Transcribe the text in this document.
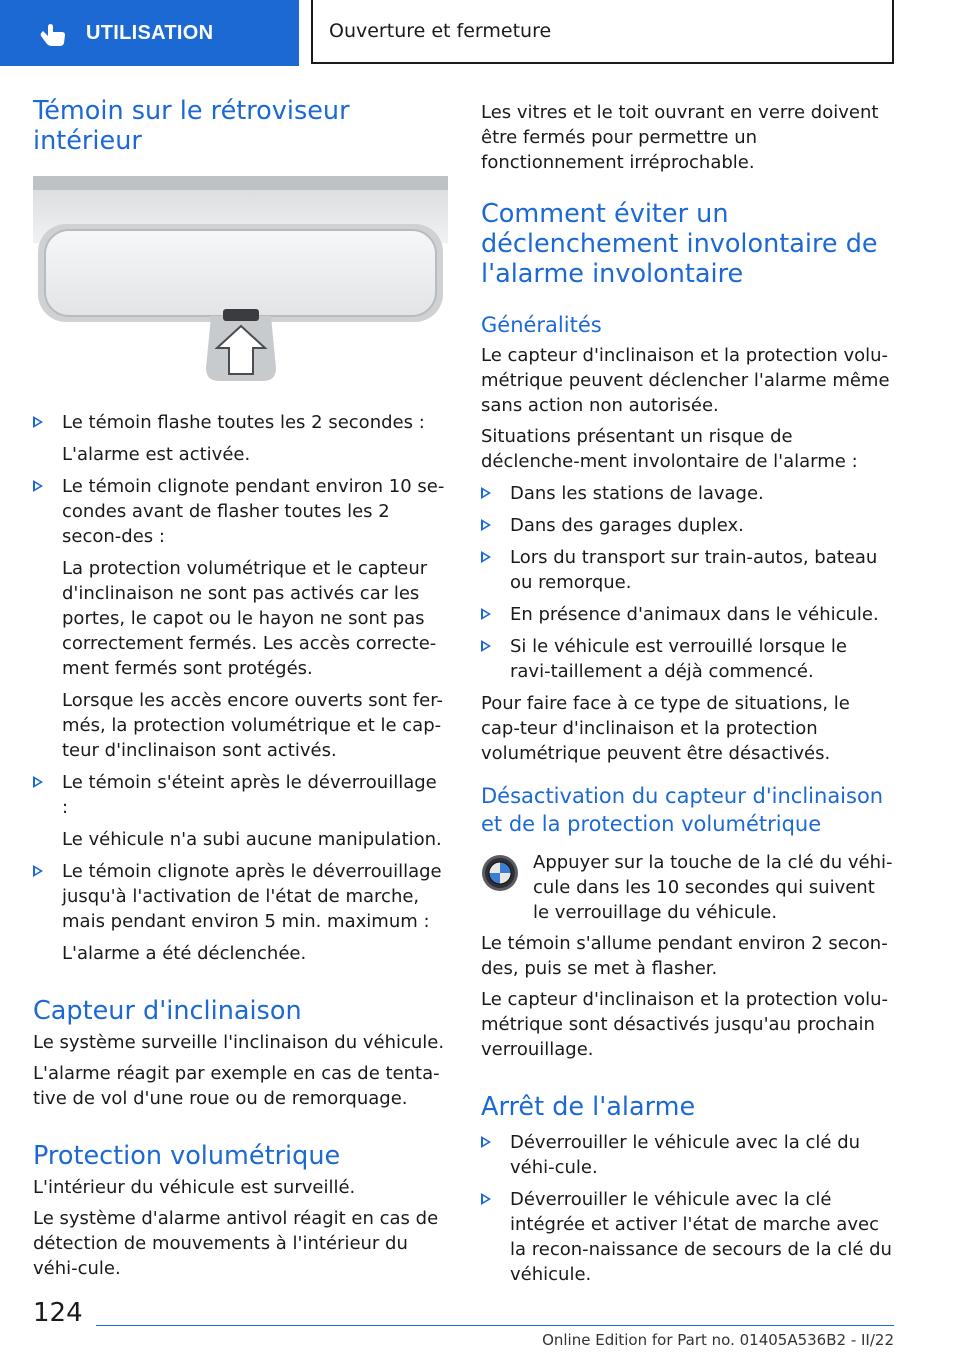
UTILISATION	Ouverture et fermeture
Témoin sur le rétroviseur intérieur

Le témoin flashe toutes les 2 secondes :

L'alarme est activée.

Le témoin clignote pendant environ 10 se-condes avant de flasher toutes les 2 secon-des :

La protection volumétrique et le capteur d'inclinaison ne sont pas activés car les portes, le capot ou le hayon ne sont pas correctement fermés. Les accès correcte-ment fermés sont protégés.

Lorsque les accès encore ouverts sont fer-més, la protection volumétrique et le cap-teur d'inclinaison sont activés.

Le témoin s'éteint après le déverrouillage :

Le véhicule n'a subi aucune manipulation.

Le témoin clignote après le déverrouillage jusqu'à l'activation de l'état de marche, mais pendant environ 5 min. maximum :

L'alarme a été déclenchée.

Capteur d'inclinaison

Le système surveille l'inclinaison du véhicule.

L'alarme réagit par exemple en cas de tenta-tive de vol d'une roue ou de remorquage.

Protection volumétrique

L'intérieur du véhicule est surveillé.

Le système d'alarme antivol réagit en cas de détection de mouvements à l'intérieur du véhi-cule.

Les vitres et le toit ouvrant en verre doivent être fermés pour permettre un fonctionnement irréprochable.

Comment éviter un déclenchement involontaire de l'alarme involontaire
Généralités

Le capteur d'inclinaison et la protection volu-métrique peuvent déclencher l'alarme même sans action non autorisée.

Situations présentant un risque de déclenche-ment involontaire de l'alarme :

Dans les stations de lavage.

Dans des garages duplex.

Lors du transport sur train-autos, bateau ou remorque.

En présence d'animaux dans le véhicule.

Si le véhicule est verrouillé lorsque le ravi-taillement a déjà commencé.

Pour faire face à ce type de situations, le cap-teur d'inclinaison et la protection volumétrique peuvent être désactivés.

Désactivation du capteur d'inclinaison et de la protection volumétrique

Appuyer sur la touche de la clé du véhi-cule dans les 10 secondes qui suivent le verrouillage du véhicule.

Le témoin s'allume pendant environ 2 secon-des, puis se met à flasher.

Le capteur d'inclinaison et la protection volu-métrique sont désactivés jusqu'au prochain verrouillage.

Arrêt de l'alarme

Déverrouiller le véhicule avec la clé du véhi-cule.

Déverrouiller le véhicule avec la clé intégrée et activer l'état de marche avec la recon-naissance de secours de la clé du véhicule.

124
Online Edition for Part no. 01405A536B2 - II/22
